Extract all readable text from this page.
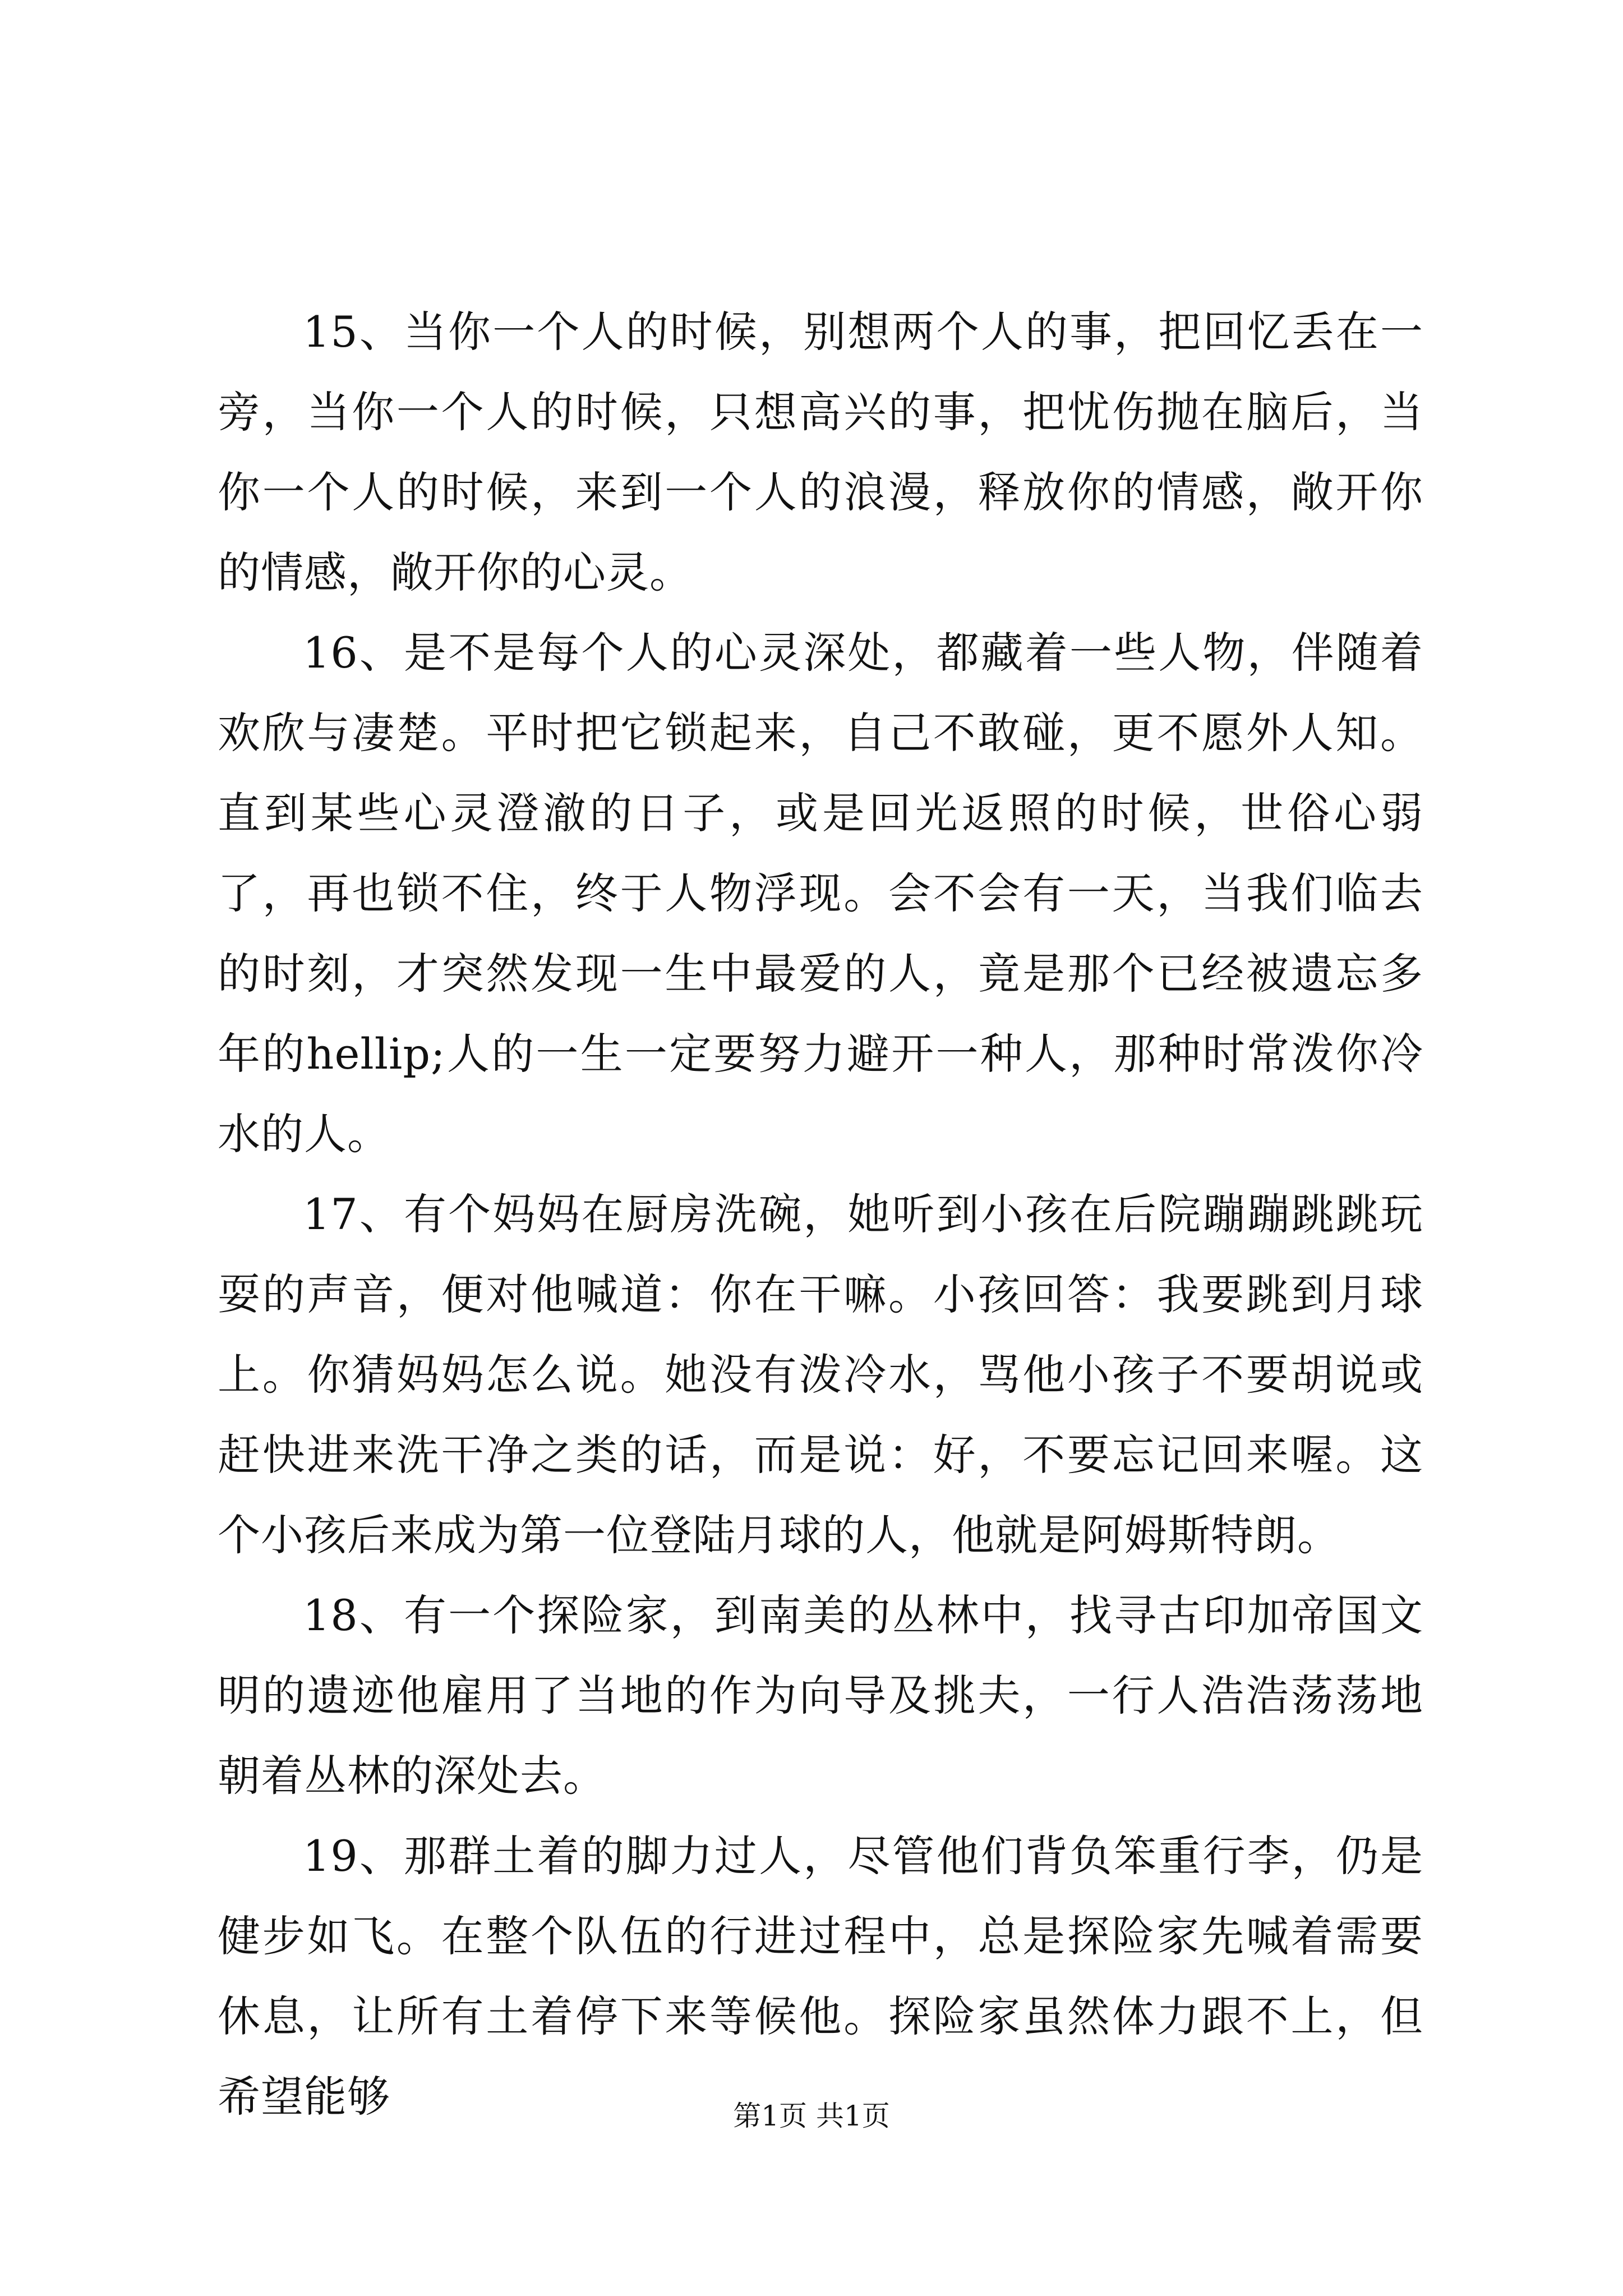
15、当你一个人的时候，别想两个人的事，把回忆丢在一旁，当你一个人的时候，只想高兴的事，把忧伤抛在脑后，当你一个人的时候，来到一个人的浪漫，释放你的情感，敞开你的情感，敞开你的心灵。

16、是不是每个人的心灵深处，都藏着一些人物，伴随着欢欣与凄楚。平时把它锁起来，自己不敢碰，更不愿外人知。直到某些心灵澄澈的日子，或是回光返照的时候，世俗心弱了，再也锁不住，终于人物浮现。会不会有一天，当我们临去的时刻，才突然发现一生中最爱的人，竟是那个已经被遗忘多年的hellip;人的一生一定要努力避开一种人，那种时常泼你冷水的人。

17、有个妈妈在厨房洗碗，她听到小孩在后院蹦蹦跳跳玩耍的声音，便对他喊道：你在干嘛。小孩回答：我要跳到月球上。你猜妈妈怎么说。她没有泼冷水，骂他小孩子不要胡说或赶快进来洗干净之类的话，而是说：好，不要忘记回来喔。这个小孩后来成为第一位登陆月球的人，他就是阿姆斯特朗。

18、有一个探险家，到南美的丛林中，找寻古印加帝国文明的遗迹他雇用了当地的作为向导及挑夫，一行人浩浩荡荡地朝着丛林的深处去。

19、那群土着的脚力过人，尽管他们背负笨重行李，仍是健步如飞。在整个队伍的行进过程中，总是探险家先喊着需要休息，让所有土着停下来等候他。探险家虽然体力跟不上，但希望能够	第1页 共1页
